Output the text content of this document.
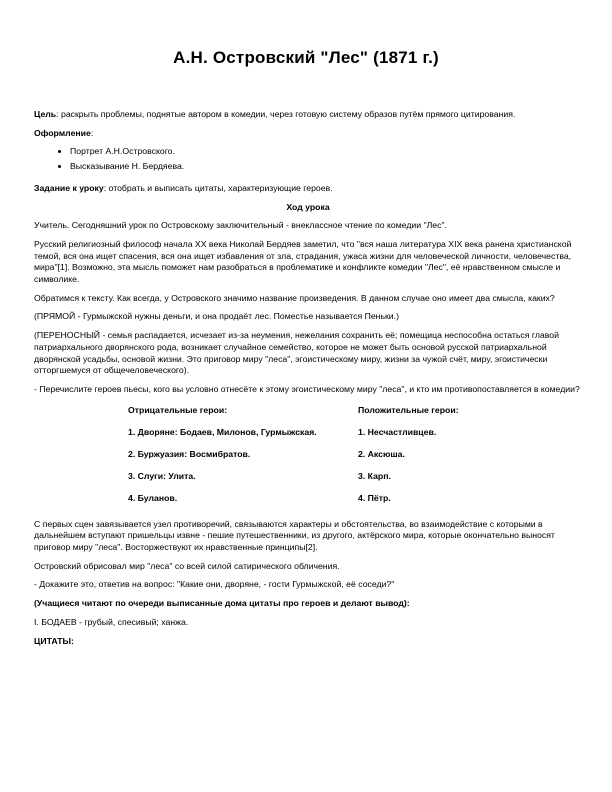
А.Н. Островский "Лес" (1871 г.)

Цель: раскрыть проблемы, поднятые автором в комедии, через готовую систему образов путём прямого цитирования.

Оформление:

• Портрет А.Н.Островского.
• Высказывание Н. Бердяева.

Задание к уроку: отобрать и выписать цитаты, характеризующие героев.

Ход урока

Учитель. Сегодняшний урок по Островскому заключительный - внеклассное чтение по комедии "Лес".

Русский религиозный философ начала XX века Николай Бердяев заметил, что "вся наша литература XIX века ранена христианской темой, вся она ищет спасения, вся она ищет избавления от зла, страдания, ужаса жизни для человеческой личности, человечества, мира"[1]. Возможно, эта мысль поможет нам разобраться в проблематике и конфликте комедии "Лес", её нравственном смысле и символике.

Обратимся к тексту. Как всегда, у Островского значимо название произведения. В данном случае оно имеет два смысла, каких?

(ПРЯМОЙ - Гурмыжской нужны деньги, и она продаёт лес. Поместье называется Пеньки.)

(ПЕРЕНОСНЫЙ - семья распадается, исчезает из-за неумения, нежелания сохранить её; помещица неспособна остаться главой патриархального дворянского рода, возникает случайное семейство, которое не может быть основой русской патриархальной дворянской усадьбы, основой жизни. Это приговор миру "леса", эгоистическому миру, жизни за чужой счёт, миру, эгоистически отторгшемуся от общечеловеческого).

- Перечислите героев пьесы, кого вы условно отнесёте к этому эгоистическому миру "леса", и кто им противопоставляется в комедии?

Отрицательные герои:	Положительные герои:
1. Дворяне: Бодаев, Милонов, Гурмыжская.	1. Несчастливцев.
2. Буржуазия: Восмибратов.	2. Аксюша.
3. Слуги: Улита.	3. Карп.
4. Буланов.	4. Пётр.

С первых сцен завязывается узел противоречий, связываются характеры и обстоятельства, во взаимодействие с которыми в дальнейшем вступают пришельцы извне - пешие путешественники, из другого, актёрского мира, которые окончательно выносят приговор миру "леса". Восторжествуют их нравственные принципы[2].

Островский обрисовал мир "леса" со всей силой сатирического обличения.

- Докажите это, ответив на вопрос: "Какие они, дворяне, - гости Гурмыжской, её соседи?"

(Учащиеся читают по очереди выписанные дома цитаты про героев и делают вывод):

I. БОДАЕВ - грубый, спесивый; ханжа.

ЦИТАТЫ:
